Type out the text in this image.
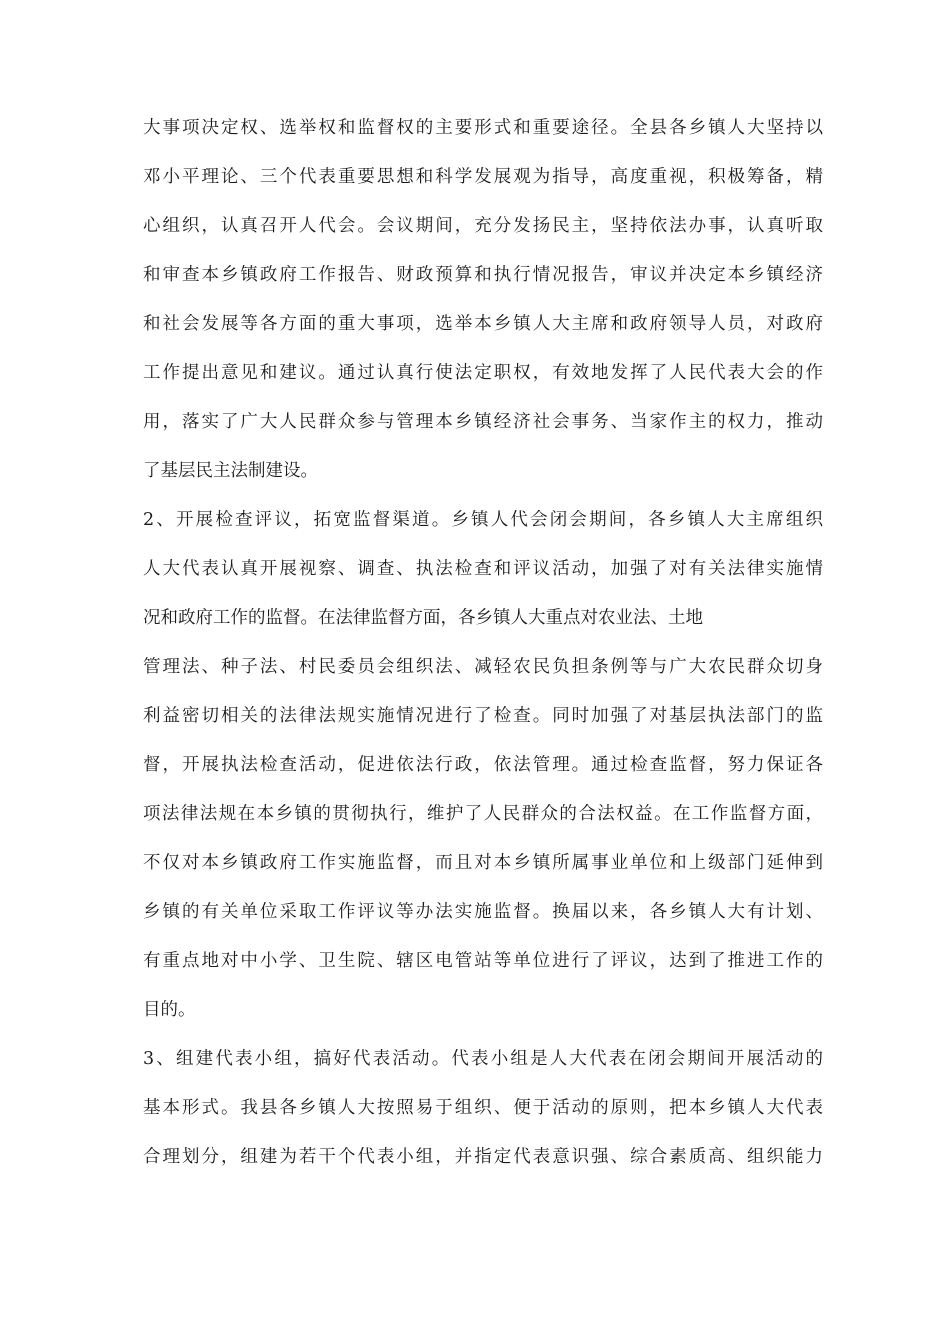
大事项决定权、选举权和监督权的主要形式和重要途径。全县各乡镇人大坚持以
邓小平理论、三个代表重要思想和科学发展观为指导，高度重视，积极筹备，精
心组织，认真召开人代会。会议期间，充分发扬民主，坚持依法办事，认真听取
和审查本乡镇政府工作报告、财政预算和执行情况报告，审议并决定本乡镇经济
和社会发展等各方面的重大事项，选举本乡镇人大主席和政府领导人员，对政府
工作提出意见和建议。通过认真行使法定职权，有效地发挥了人民代表大会的作
用，落实了广大人民群众参与管理本乡镇经济社会事务、当家作主的权力，推动
了基层民主法制建设。
2、开展检查评议，拓宽监督渠道。乡镇人代会闭会期间，各乡镇人大主席组织
人大代表认真开展视察、调查、执法检查和评议活动，加强了对有关法律实施情
况和政府工作的监督。在法律监督方面，各乡镇人大重点对农业法、土地
管理法、种子法、村民委员会组织法、减轻农民负担条例等与广大农民群众切身
利益密切相关的法律法规实施情况进行了检查。同时加强了对基层执法部门的监
督，开展执法检查活动，促进依法行政，依法管理。通过检查监督，努力保证各
项法律法规在本乡镇的贯彻执行，维护了人民群众的合法权益。在工作监督方面，
不仅对本乡镇政府工作实施监督，而且对本乡镇所属事业单位和上级部门延伸到
乡镇的有关单位采取工作评议等办法实施监督。换届以来，各乡镇人大有计划、
有重点地对中小学、卫生院、辖区电管站等单位进行了评议，达到了推进工作的
目的。
3、组建代表小组，搞好代表活动。代表小组是人大代表在闭会期间开展活动的
基本形式。我县各乡镇人大按照易于组织、便于活动的原则，把本乡镇人大代表
合理划分，组建为若干个代表小组，并指定代表意识强、综合素质高、组织能力
